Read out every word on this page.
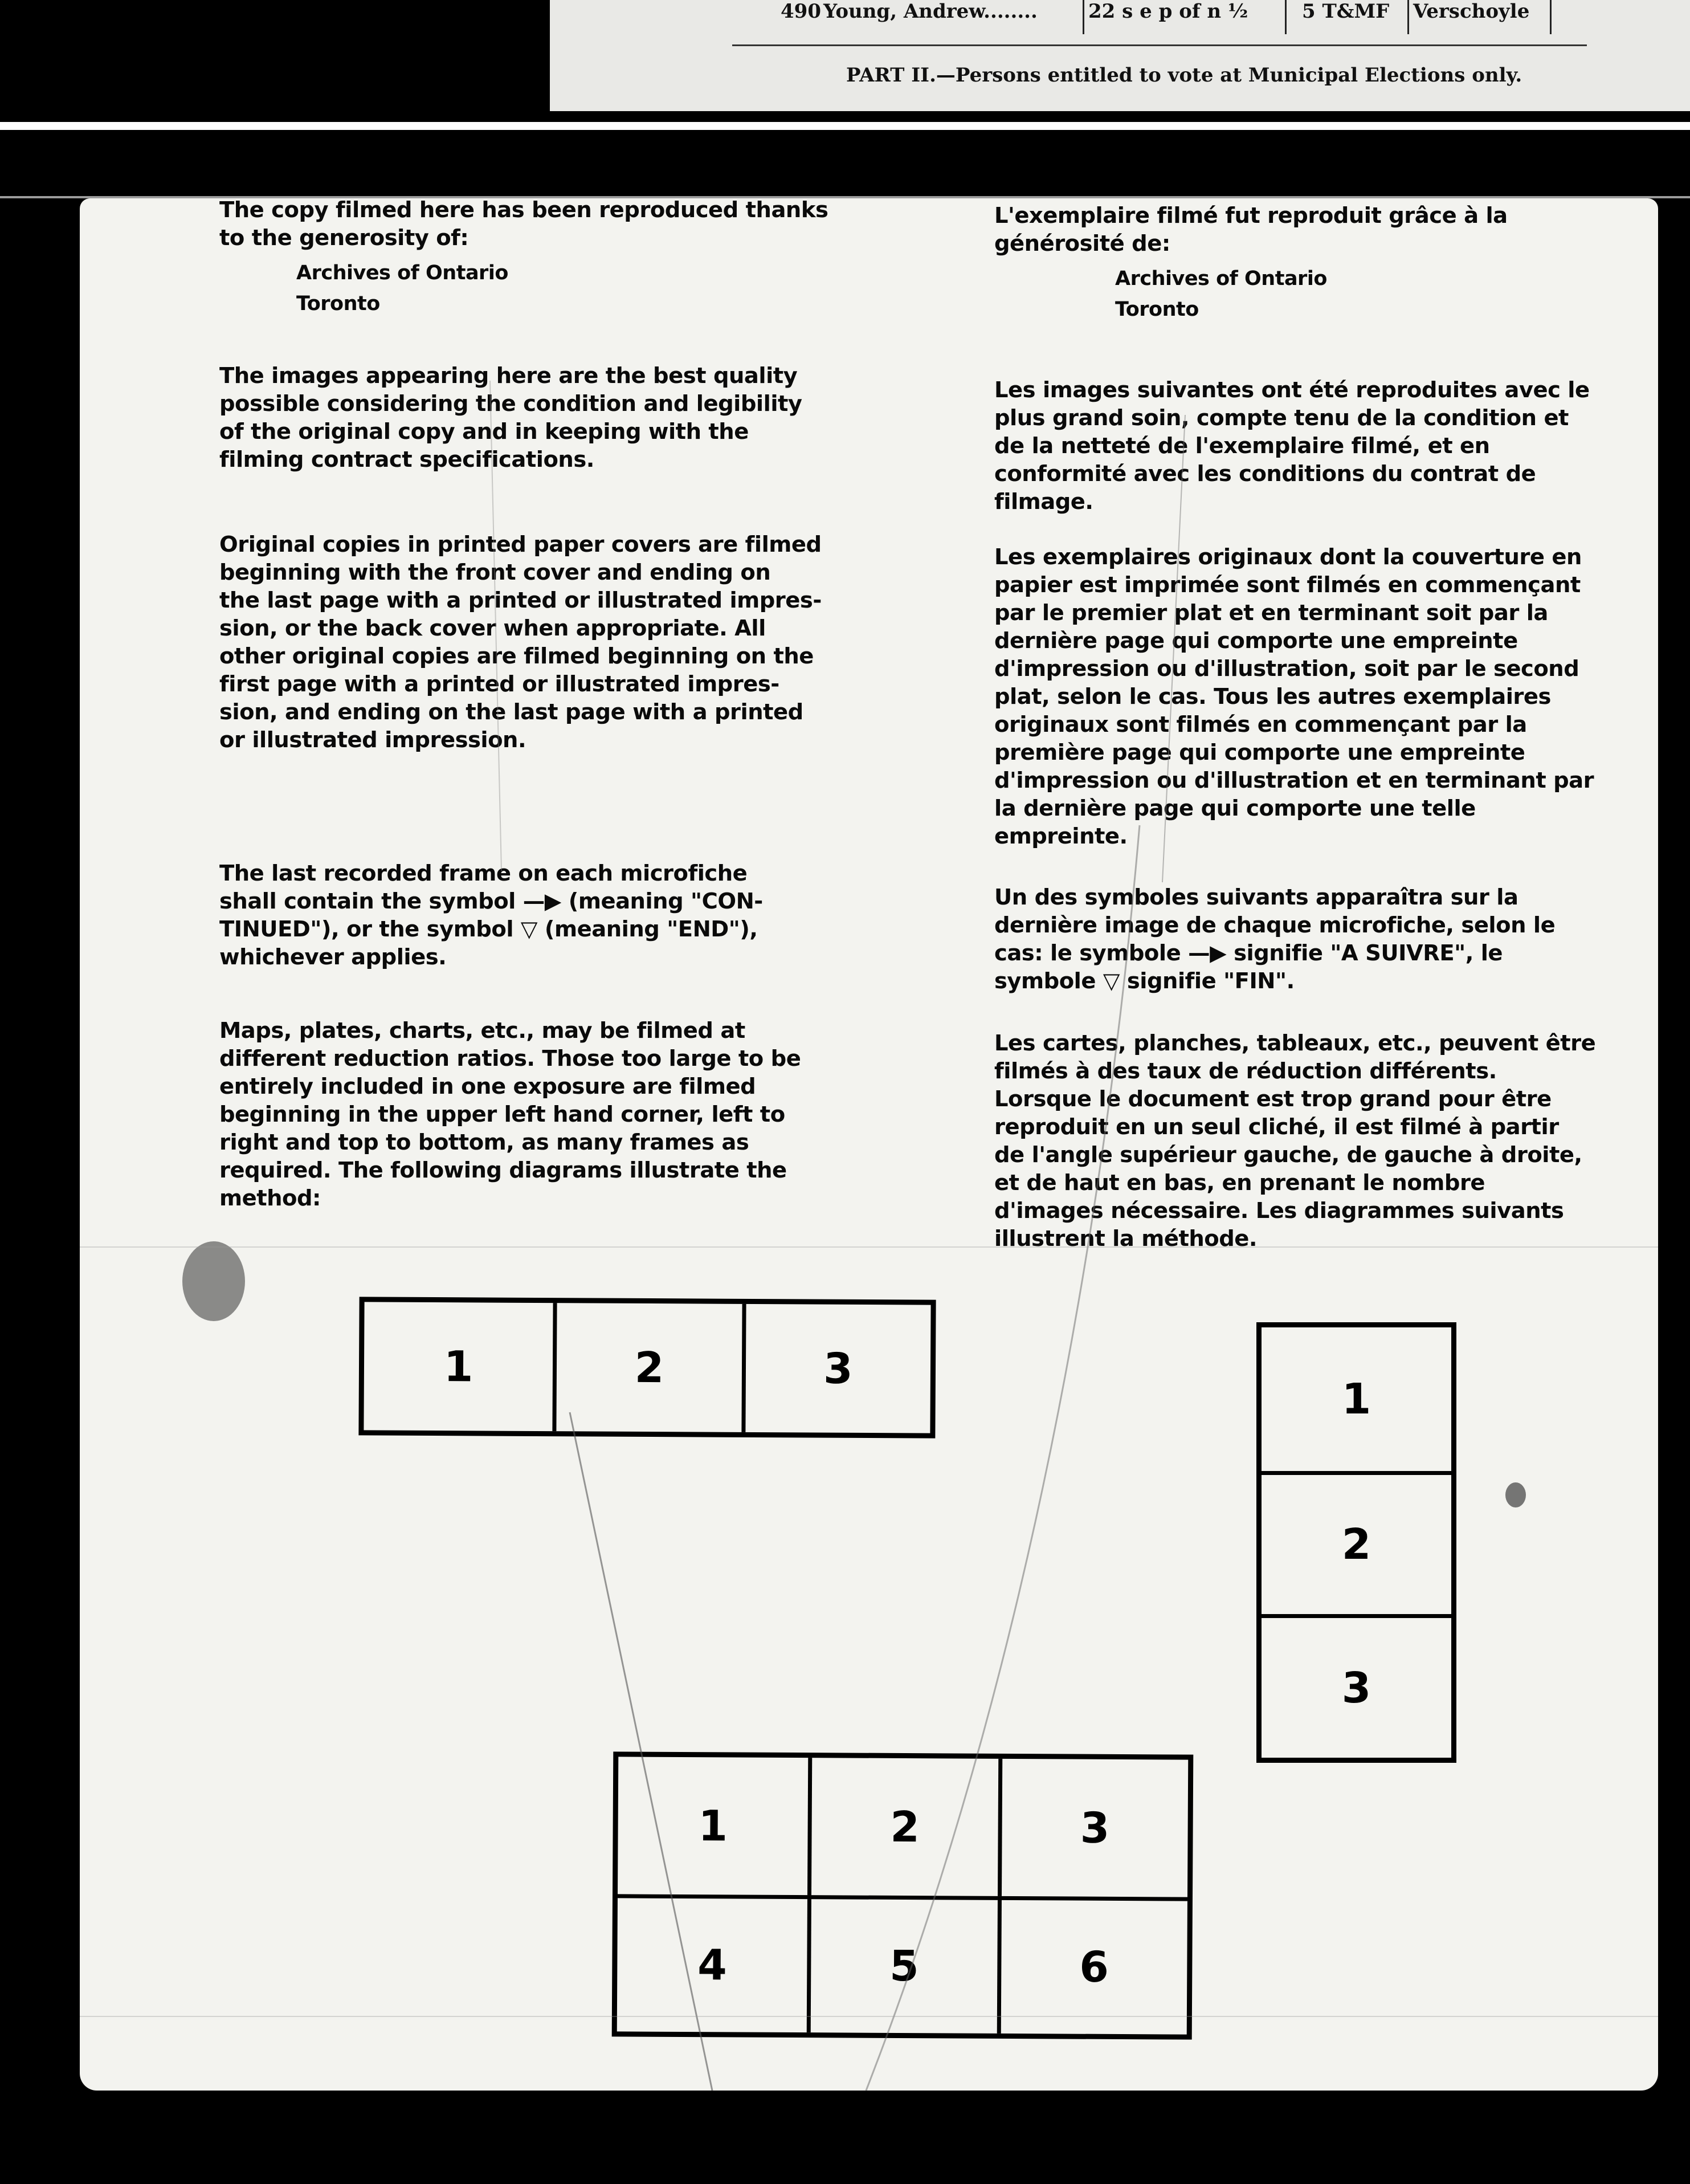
490 Young, Andrew........	22 s e p of n ½	5 T&MF Verschoyle
PART II.—Persons entitled to vote at Municipal Elections only.

The copy filmed here has been reproduced thanks
to the generosity of:

Archives of Ontario
Toronto

The images appearing here are the best quality
possible considering the condition and legibility
of the original copy and in keeping with the
filming contract specifications.

Original copies in printed paper covers are filmed
beginning with the front cover and ending on
the last page with a printed or illustrated impres-
sion, or the back cover when appropriate. All
other original copies are filmed beginning on the
first page with a printed or illustrated impres-
sion, and ending on the last page with a printed
or illustrated impression.

The last recorded frame on each microfiche
shall contain the symbol —▶ (meaning "CON-
TINUED"), or the symbol ▽ (meaning "END"),
whichever applies.

Maps, plates, charts, etc., may be filmed at
different reduction ratios. Those too large to be
entirely included in one exposure are filmed
beginning in the upper left hand corner, left to
right and top to bottom, as many frames as
required. The following diagrams illustrate the
method:

L'exemplaire filmé fut reproduit grâce à la
générosité de:

Archives of Ontario
Toronto

Les images suivantes ont été reproduites avec le
plus grand soin, compte tenu de la condition et
de la netteté de l'exemplaire filmé, et en
conformité avec les conditions du contrat de
filmage.

Les exemplaires originaux dont la couverture en
papier est imprimée sont filmés en commençant
par le premier plat et en terminant soit par la
dernière page qui comporte une empreinte
d'impression ou d'illustration, soit par le second
plat, selon le cas. Tous les autres exemplaires
originaux sont filmés en commençant par la
première page qui comporte une empreinte
d'impression ou d'illustration et en terminant par
la dernière page qui comporte une telle
empreinte.

Un des symboles suivants apparaîtra sur la
dernière image de chaque microfiche, selon le
cas: le symbole —▶ signifie "A SUIVRE", le
symbole ▽ signifie "FIN".

Les cartes, planches, tableaux, etc., peuvent être
filmés à des taux de réduction différents.
Lorsque le document est trop grand pour être
reproduit en un seul cliché, il est filmé à partir
de l'angle supérieur gauche, de gauche à droite,
et de haut en bas, en prenant le nombre
d'images nécessaire. Les diagrammes suivants
illustrent la méthode.

1	2	3
1
2
3
1	2	3
4	5	6
